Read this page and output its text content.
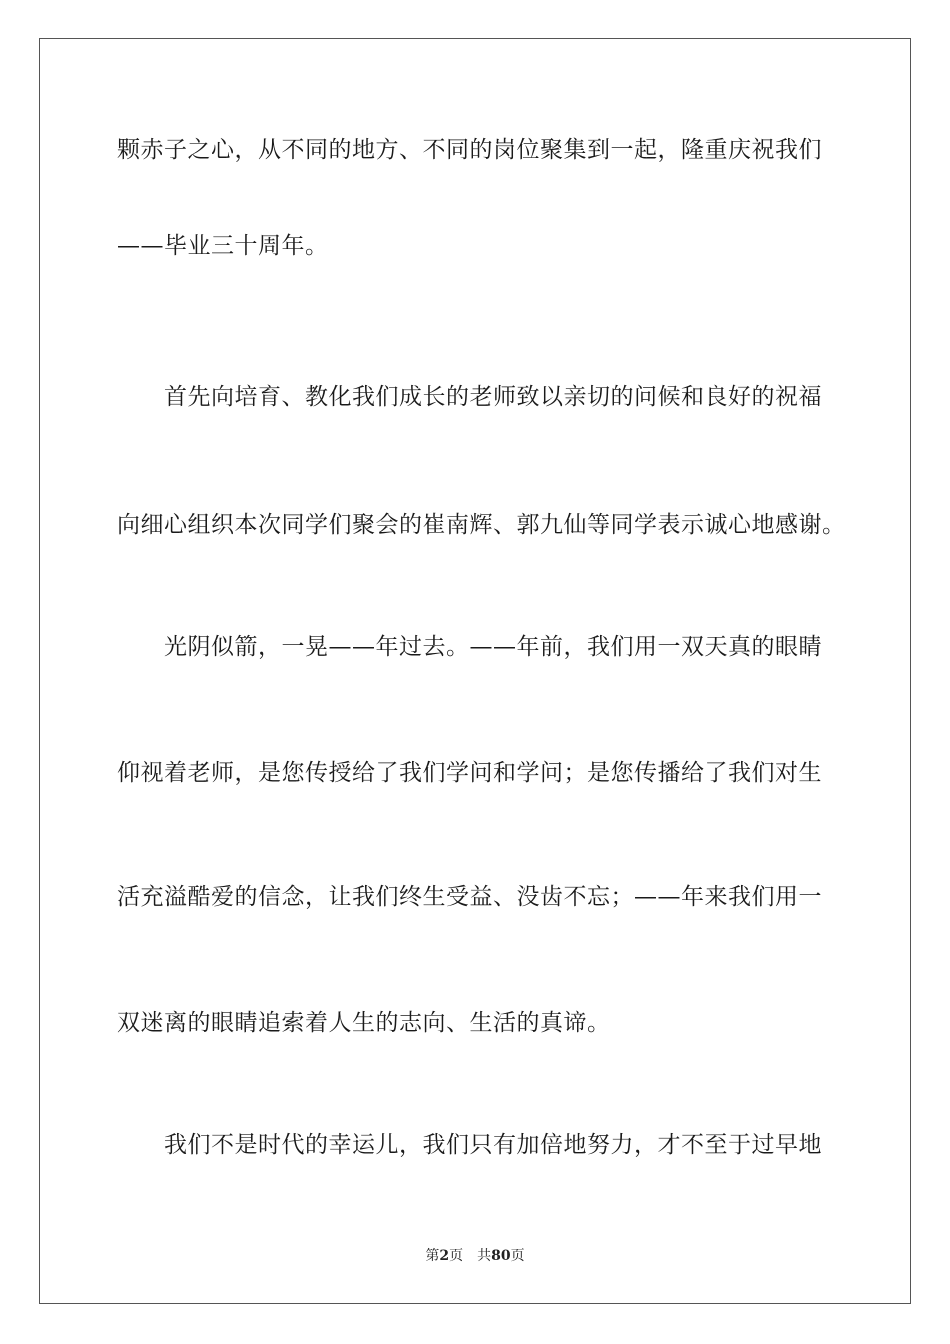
颗赤子之心，从不同的地方、不同的岗位聚集到一起，隆重庆祝我们
——毕业三十周年。
首先向培育、教化我们成长的老师致以亲切的问候和良好的祝福
向细心组织本次同学们聚会的崔南辉、郭九仙等同学表示诚心地感谢。
光阴似箭，一晃——年过去。——年前，我们用一双天真的眼睛
仰视着老师，是您传授给了我们学问和学问；是您传播给了我们对生
活充溢酷爱的信念，让我们终生受益、没齿不忘；——年来我们用一
双迷离的眼睛追索着人生的志向、生活的真谛。
我们不是时代的幸运儿，我们只有加倍地努力，才不至于过早地
第2页 共80页
